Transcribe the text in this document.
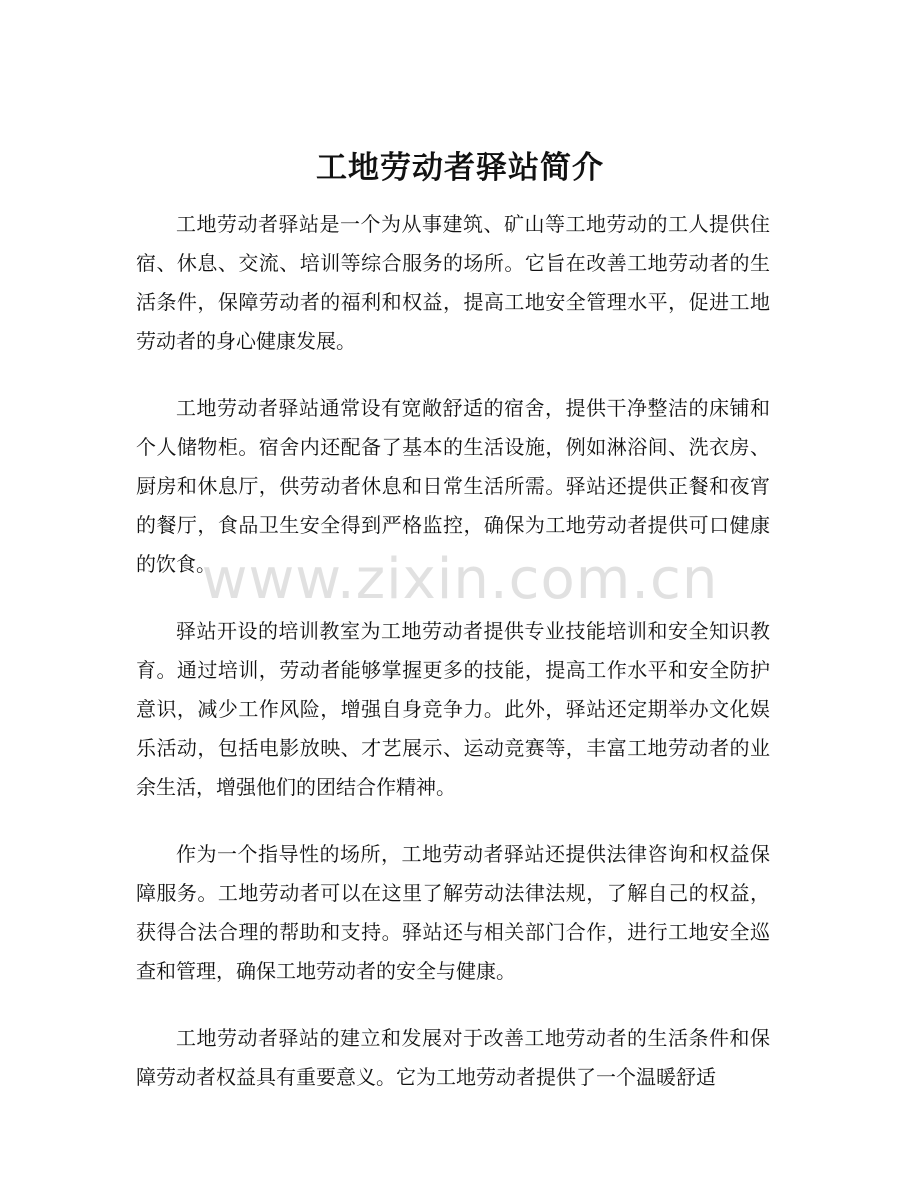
工地劳动者驿站简介

工地劳动者驿站是一个为从事建筑、矿山等工地劳动的工人提供住宿、休息、交流、培训等综合服务的场所。它旨在改善工地劳动者的生活条件，保障劳动者的福利和权益，提高工地安全管理水平，促进工地劳动者的身心健康发展。

工地劳动者驿站通常设有宽敞舒适的宿舍，提供干净整洁的床铺和个人储物柜。宿舍内还配备了基本的生活设施，例如淋浴间、洗衣房、厨房和休息厅，供劳动者休息和日常生活所需。驿站还提供正餐和夜宵的餐厅，食品卫生安全得到严格监控，确保为工地劳动者提供可口健康的饮食。

驿站开设的培训教室为工地劳动者提供专业技能培训和安全知识教育。通过培训，劳动者能够掌握更多的技能，提高工作水平和安全防护意识，减少工作风险，增强自身竞争力。此外，驿站还定期举办文化娱乐活动，包括电影放映、才艺展示、运动竞赛等，丰富工地劳动者的业余生活，增强他们的团结合作精神。

作为一个指导性的场所，工地劳动者驿站还提供法律咨询和权益保障服务。工地劳动者可以在这里了解劳动法律法规，了解自己的权益，获得合法合理的帮助和支持。驿站还与相关部门合作，进行工地安全巡查和管理，确保工地劳动者的安全与健康。

工地劳动者驿站的建立和发展对于改善工地劳动者的生活条件和保障劳动者权益具有重要意义。它为工地劳动者提供了一个温暖舒适

www.zixin.com.cn
